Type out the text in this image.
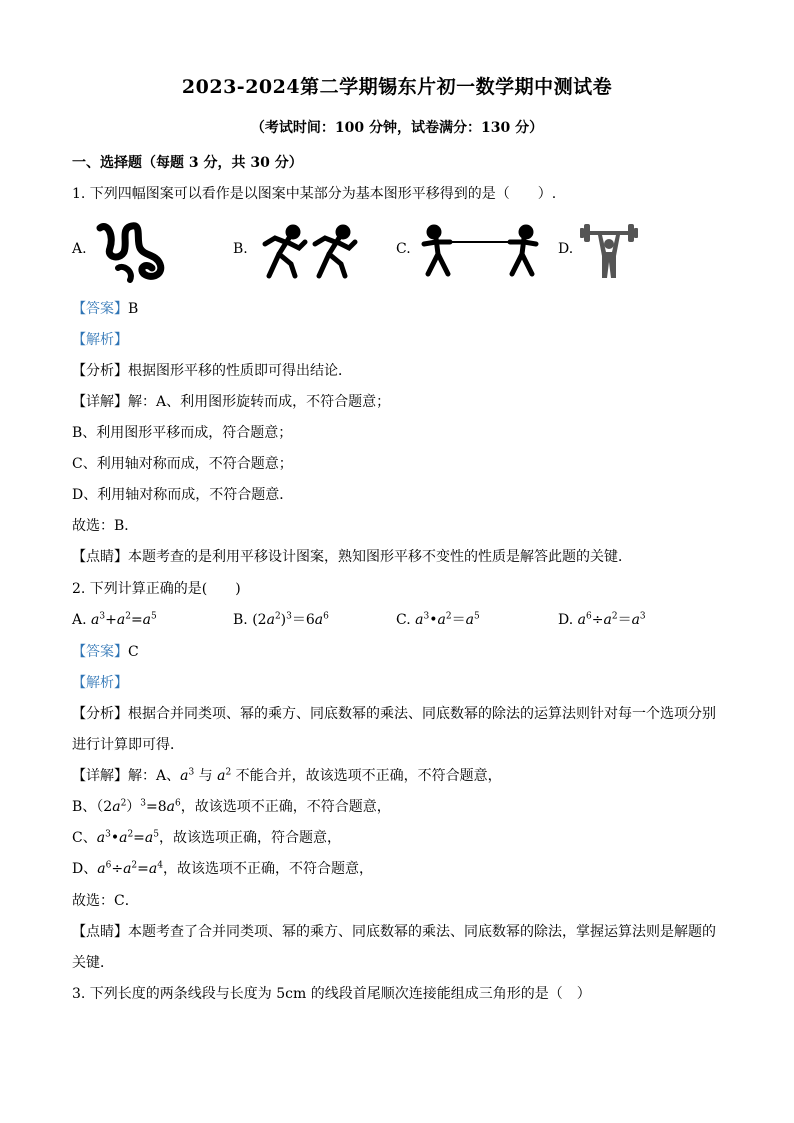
2023-2024第二学期锡东片初一数学期中测试卷
（考试时间：100 分钟，试卷满分：130 分）
一、选择题（每题 3 分，共 30 分）
1. 下列四幅图案可以看作是以图案中某部分为基本图形平移得到的是（　　）.
A.	B.	C.	D.
【答案】B
【解析】
【分析】根据图形平移的性质即可得出结论．
【详解】解：A、利用图形旋转而成，不符合题意；
B、利用图形平移而成，符合题意；
C、利用轴对称而成，不符合题意；
D、利用轴对称而成，不符合题意．
故选：B．
【点睛】本题考查的是利用平移设计图案，熟知图形平移不变性的性质是解答此题的关键．
2. 下列计算正确的是(　　)
A. $a^3+a^2=a^5$	B. $(2a^2)^3=6a^6$	C. $a^3•a^2=a^5$	D. $a^6\div a^2=a^3$
【答案】C
【解析】
【分析】根据合并同类项、幂的乘方、同底数幂的乘法、同底数幂的除法的运算法则针对每一个选项分别
进行计算即可得．
【详解】解：A、$a^3$ 与 $a^2$ 不能合并，故该选项不正确，不符合题意，
B、$(2a^2)^3=8a^6$，故该选项不正确，不符合题意，
C、$a^3•a^2=a^5$，故该选项正确，符合题意，
D、$a^6\div a^2=a^4$，故该选项不正确，不符合题意，
故选：C．
【点睛】本题考查了合并同类项、幂的乘方、同底数幂的乘法、同底数幂的除法，掌握运算法则是解题的
关键．
3. 下列长度的两条线段与长度为 5cm 的线段首尾顺次连接能组成三角形的是（　）
